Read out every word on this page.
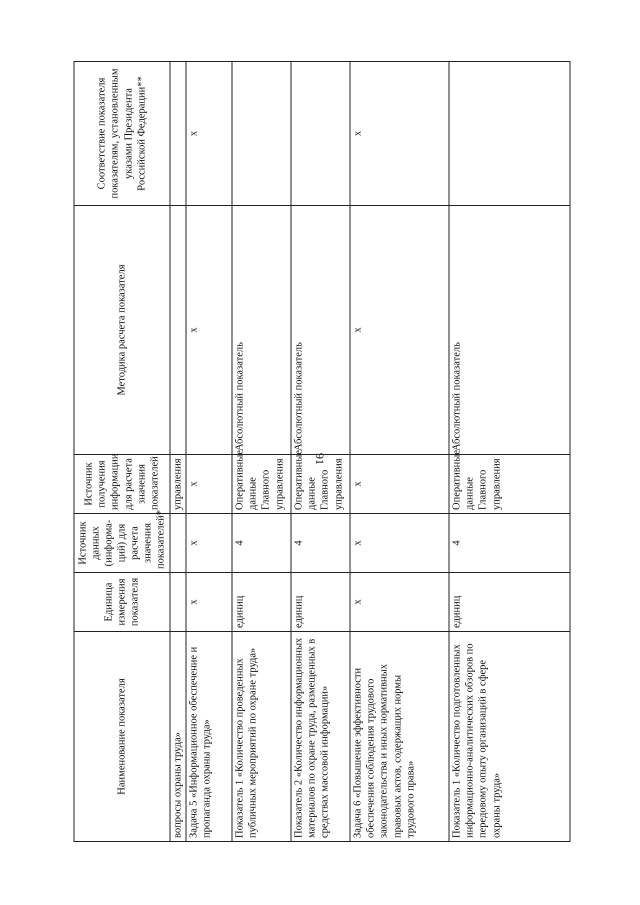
91
Наименование показателя	Единица измерения показателя	Источник данных (информа-ций) для расчета значения показателей*	Источник получения информации для расчета значения показателей	Методика расчета показателя	Соответствие показателя показателям, установленным указами Президента Российской Федерации**
вопросы охраны труда»			управления		
Задача 5 «Информационное обеспечение и пропаганда охраны труда»	х	х	х	х	х
Показатель 1 «Количество проведенных публичных мероприятий по охране труда»	единиц	4	Оперативные данные Главного управления	Абсолютный показатель	
Показатель 2 «Количество информационных материалов по охране труда, размещенных в средствах массовой информации»	единиц	4	Оперативные данные Главного управления	Абсолютный показатель	
Задача 6 «Повышение эффективности обеспечения соблюдения трудового законодательства и иных нормативных правовых актов, содержащих нормы трудового права»	х	х	х	х	х
Показатель 1 «Количество подготовленных информационно-аналитических обзоров по передовому опыту организаций в сфере охраны труда»	единиц	4	Оперативные данные Главного управления	Абсолютный показатель	
